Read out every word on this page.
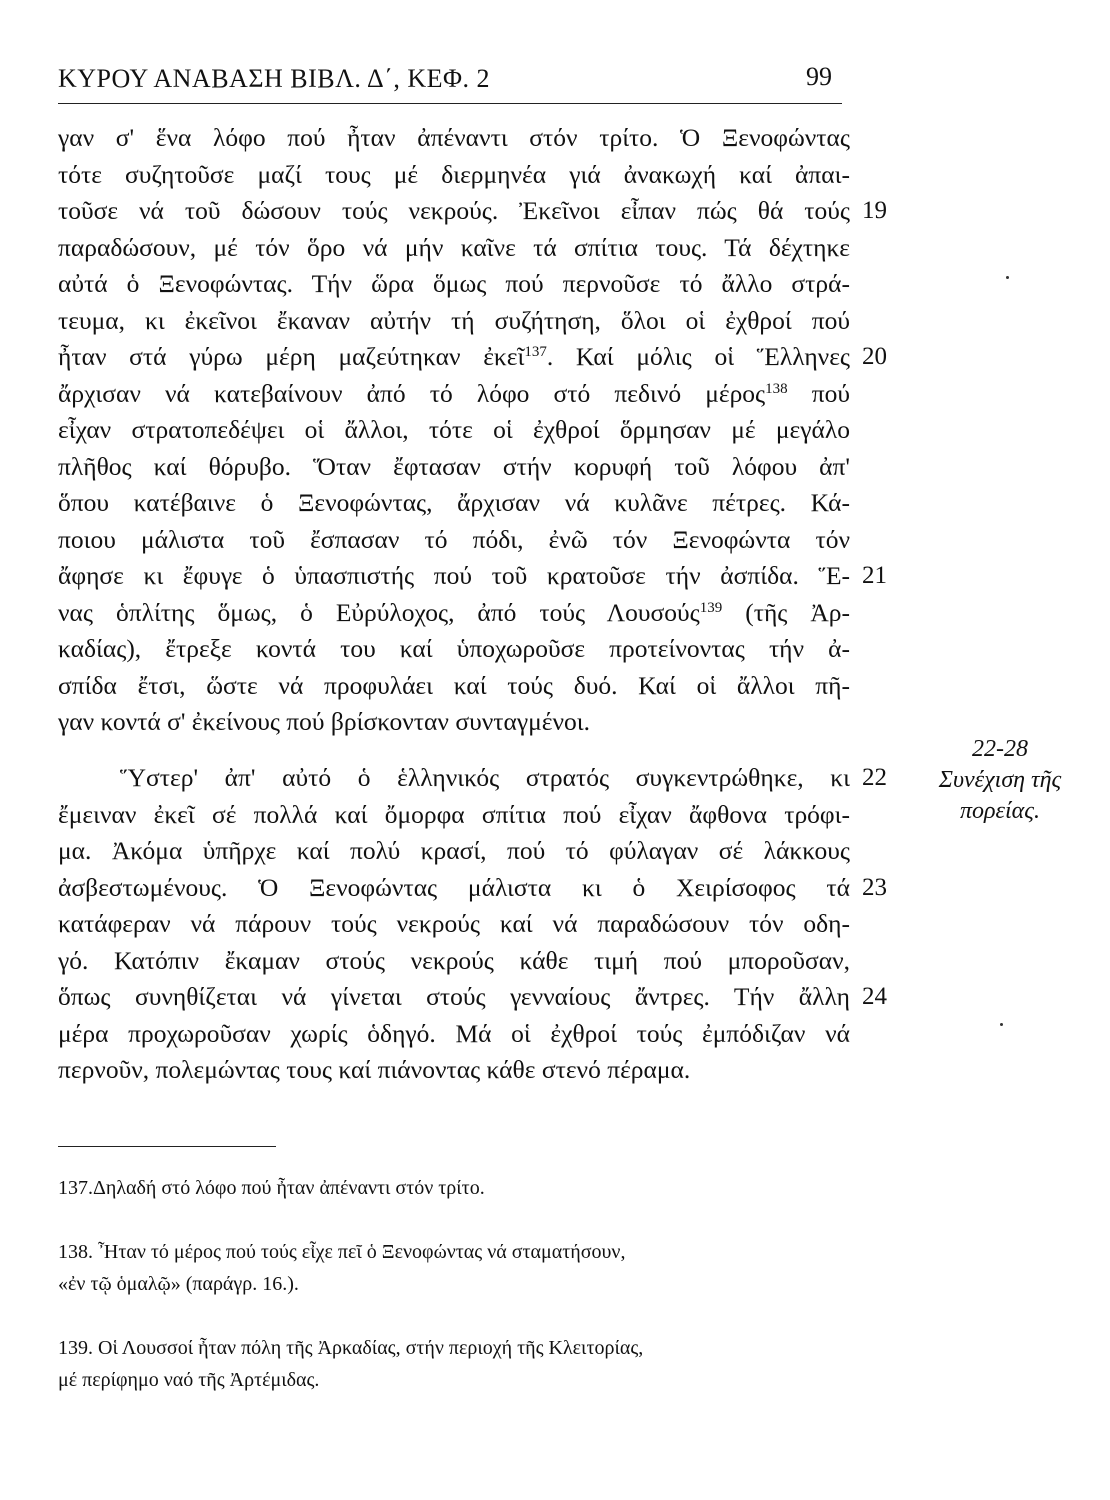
ΚΥΡΟΥ ΑΝΑΒΑΣΗ ΒΙΒΛ. Δ΄, ΚΕΦ. 2	99
γαν σ' ἕνα λόφο πού ἦταν ἀπέναντι στόν τρίτο. Ὁ Ξενοφώντας
τότε συζητοῦσε μαζί τους μέ διερμηνέα γιά ἀνακωχή καί ἀπαι-
τοῦσε νά τοῦ δώσουν τούς νεκρούς. Ἐκεῖνοι εἶπαν πώς θά τούς
παραδώσουν, μέ τόν ὅρο νά μήν καῖνε τά σπίτια τους. Τά δέχτηκε
αὐτά ὁ Ξενοφώντας. Τήν ὥρα ὅμως πού περνοῦσε τό ἄλλο στρά-
τευμα, κι ἐκεῖνοι ἔκαναν αὐτήν τή συζήτηση, ὅλοι οἱ ἐχθροί πού
ἦταν στά γύρω μέρη μαζεύτηκαν ἐκεῖ$^{137}$. Καί μόλις οἱ Ἕλληνες
ἄρχισαν νά κατεβαίνουν ἀπό τό λόφο στό πεδινό μέρος$^{138}$ πού
εἶχαν στρατοπεδέψει οἱ ἄλλοι, τότε οἱ ἐχθροί ὅρμησαν μέ μεγάλο
πλῆθος καί θόρυβο. Ὅταν ἔφτασαν στήν κορυφή τοῦ λόφου ἀπ'
ὅπου κατέβαινε ὁ Ξενοφώντας, ἄρχισαν νά κυλᾶνε πέτρες. Κά-
ποιου μάλιστα τοῦ ἔσπασαν τό πόδι, ἐνῶ τόν Ξενοφώντα τόν
ἄφησε κι ἔφυγε ὁ ὑπασπιστής πού τοῦ κρατοῦσε τήν ἀσπίδα. Ἕ-
νας ὁπλίτης ὅμως, ὁ Εὐρύλοχος, ἀπό τούς Λουσούς$^{139}$ (τῆς Ἀρ-
καδίας), ἔτρεξε κοντά του καί ὑποχωροῦσε προτείνοντας τήν ἀ-
σπίδα ἔτσι, ὥστε νά προφυλάει καί τούς δυό. Καί οἱ ἄλλοι πῆ-
γαν κοντά σ' ἐκείνους πού βρίσκονταν συνταγμένοι.
Ὕστερ' ἀπ' αὐτό ὁ ἑλληνικός στρατός συγκεντρώθηκε, κι
ἔμειναν ἐκεῖ σέ πολλά καί ὄμορφα σπίτια πού εἶχαν ἄφθονα τρόφι-
μα. Ἀκόμα ὑπῆρχε καί πολύ κρασί, πού τό φύλαγαν σέ λάκκους
ἀσβεστωμένους. Ὁ Ξενοφώντας μάλιστα κι ὁ Χειρίσοφος τά
κατάφεραν νά πάρουν τούς νεκρούς καί νά παραδώσουν τόν οδη-
γό. Κατόπιν ἔκαμαν στούς νεκρούς κάθε τιμή πού μποροῦσαν,
ὅπως συνηθίζεται νά γίνεται στούς γενναίους ἄντρες. Τήν ἄλλη
μέρα προχωροῦσαν χωρίς ὁδηγό. Μά οἱ ἐχθροί τούς ἐμπόδιζαν νά
περνοῦν, πολεμώντας τους καί πιάνοντας κάθε στενό πέραμα.
19
20
21
22
23
24
22-28
Συνέχιση τῆς
πορείας.
137.Δηλαδή στό λόφο πού ἦταν ἀπέναντι στόν τρίτο.
138. Ἦταν τό μέρος πού τούς εἶχε πεῖ ὁ Ξενοφώντας νά σταματήσουν,
«ἐν τῷ ὁμαλῷ» (παράγρ. 16.).
139. Οἱ Λουσσοί ἦταν πόλη τῆς Ἀρκαδίας, στήν περιοχή τῆς Κλειτορίας,
μέ περίφημο ναό τῆς Ἀρτέμιδας.
